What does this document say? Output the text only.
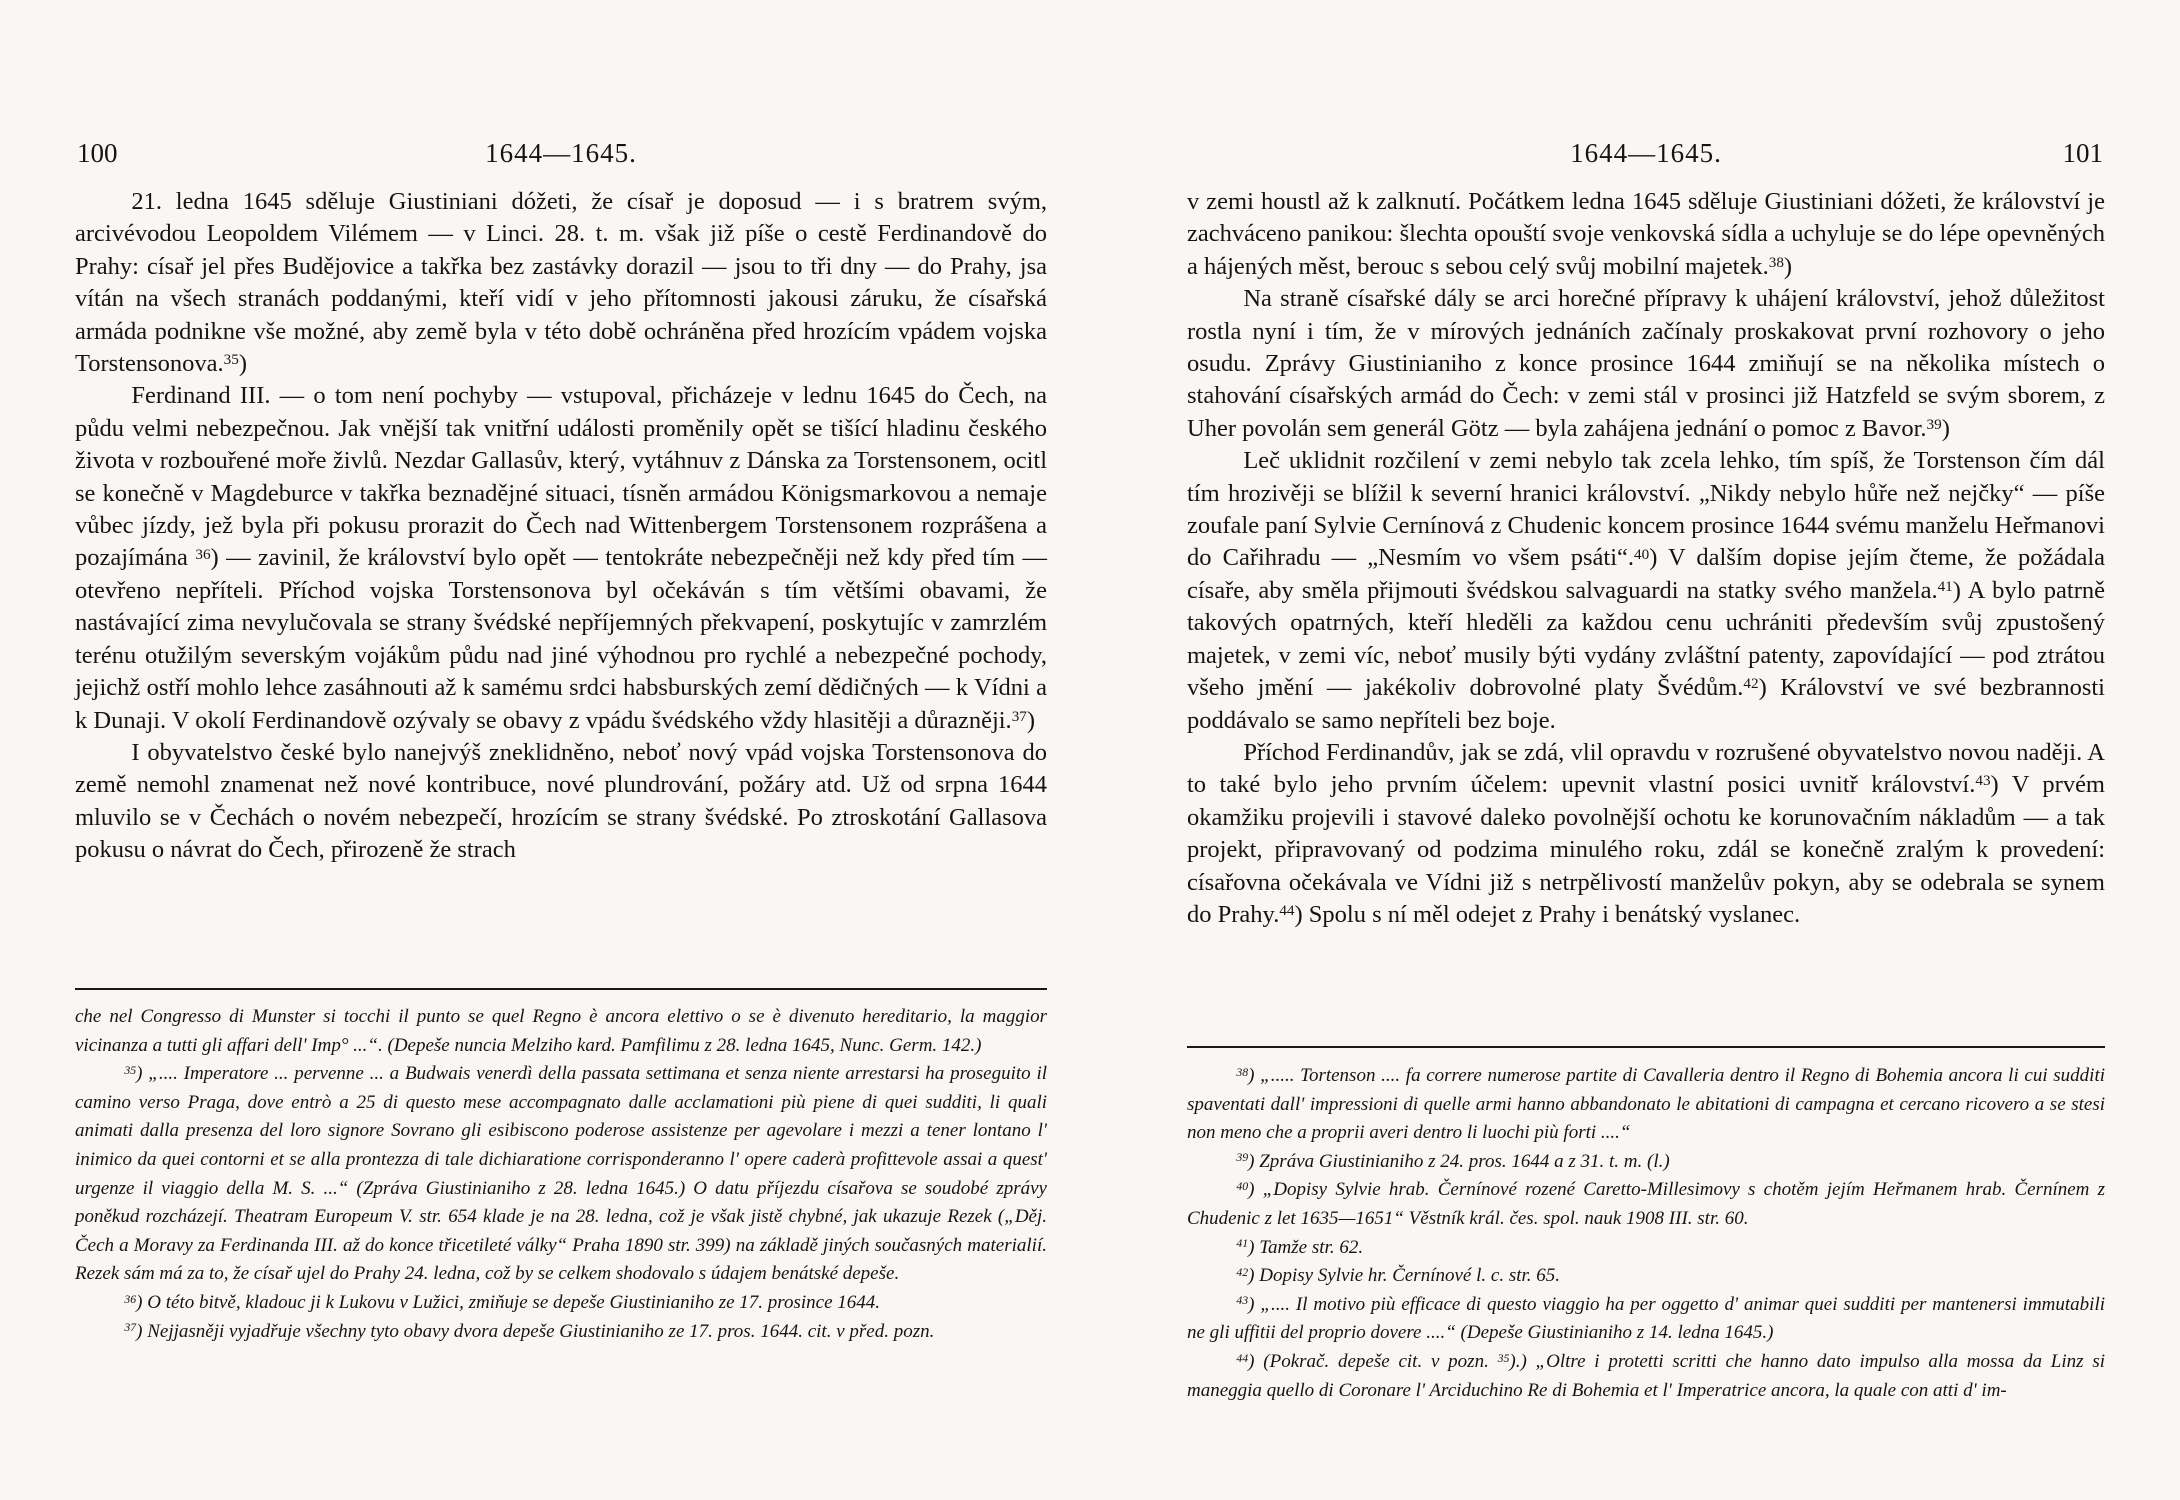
100	1644—1645.

21. ledna 1645 sděluje Giustiniani dóžeti, že císař je doposud — i s bratrem svým, arcivévodou Leopoldem Vilémem — v Linci. 28. t. m. však již píše o cestě Ferdinandově do Prahy: císař jel přes Budějovice a takřka bez zastávky dorazil — jsou to tři dny — do Prahy, jsa vítán na všech stranách poddanými, kteří vidí v jeho přítomnosti jakousi záruku, že císařská armáda podnikne vše možné, aby země byla v této době ochráněna před hrozícím vpádem vojska Torstensonova.$^{35}$)

Ferdinand III. — o tom není pochyby — vstupoval, přicházeje v lednu 1645 do Čech, na půdu velmi nebezpečnou. Jak vnější tak vnitřní události proměnily opět se tišící hladinu českého života v rozbouřené moře živlů. Nezdar Gallasův, který, vytáhnuv z Dánska za Torstensonem, ocitl se konečně v Magdeburce v takřka beznadějné situaci, tísněn armádou Königsmarkovou a nemaje vůbec jízdy, jež byla při pokusu prorazit do Čech nad Wittenbergem Torstensonem rozprášena a pozajímána $^{36}$) — zavinil, že království bylo opět — tentokráte nebezpečněji než kdy před tím — otevřeno nepříteli. Příchod vojska Torstensonova byl očekáván s tím většími obavami, že nastávající zima nevylučovala se strany švédské nepříjemných překvapení, poskytujíc v zamrzlém terénu otužilým severským vojákům půdu nad jiné výhodnou pro rychlé a nebezpečné pochody, jejichž ostří mohlo lehce zasáhnouti až k samému srdci habsburských zemí dědičných — k Vídni a k Dunaji. V okolí Ferdinandově ozývaly se obavy z vpádu švédského vždy hlasitěji a důrazněji.$^{37}$)

I obyvatelstvo české bylo nanejvýš zneklidněno, neboť nový vpád vojska Torstensonova do země nemohl znamenat než nové kontribuce, nové plundrování, požáry atd. Už od srpna 1644 mluvilo se v Čechách o novém nebezpečí, hrozícím se strany švédské. Po ztroskotání Gallasova pokusu o návrat do Čech, přirozeně že strach

che nel Congresso di Munster si tocchi il punto se quel Regno è ancora elettivo o se è divenuto hereditario, la maggior vicinanza a tutti gli affari dell' Imp° ...“. (Depeše nuncia Melziho kard. Pamfilimu z 28. ledna 1645, Nunc. Germ. 142.)

$^{35}$) „.... Imperatore ... pervenne ... a Budwais venerdì della passata settimana et senza niente arrestarsi ha proseguito il camino verso Praga, dove entrò a 25 di questo mese accompagnato dalle acclamationi più piene di quei sudditi, li quali animati dalla presenza del loro signore Sovrano gli esibiscono poderose assistenze per agevolare i mezzi a tener lontano l' inimico da quei contorni et se alla prontezza di tale dichiaratione corrisponderanno l' opere caderà profittevole assai a quest' urgenze il viaggio della M. S. ...“ (Zpráva Giustinianiho z 28. ledna 1645.) O datu příjezdu císařova se soudobé zprávy poněkud rozcházejí. Theatram Europeum V. str. 654 klade je na 28. ledna, což je však jistě chybné, jak ukazuje Rezek („Děj. Čech a Moravy za Ferdinanda III. až do konce třicetileté války“ Praha 1890 str. 399) na základě jiných současných materialií. Rezek sám má za to, že císař ujel do Prahy 24. ledna, což by se celkem shodovalo s údajem benátské depeše.

$^{36}$) O této bitvě, kladouc ji k Lukovu v Lužici, zmiňuje se depeše Giustinianiho ze 17. prosince 1644.

$^{37}$) Nejjasněji vyjadřuje všechny tyto obavy dvora depeše Giustinianiho ze 17. pros. 1644. cit. v před. pozn.

1644—1645.	101

v zemi houstl až k zalknutí. Počátkem ledna 1645 sděluje Giustiniani dóžeti, že království je zachváceno panikou: šlechta opouští svoje venkovská sídla a uchyluje se do lépe opevněných a hájených měst, berouc s sebou celý svůj mobilní majetek.$^{38}$)

Na straně císařské dály se arci horečné přípravy k uhájení království, jehož důležitost rostla nyní i tím, že v mírových jednáních začínaly proskakovat první rozhovory o jeho osudu. Zprávy Giustinianiho z konce prosince 1644 zmiňují se na několika místech o stahování císařských armád do Čech: v zemi stál v prosinci již Hatzfeld se svým sborem, z Uher povolán sem generál Götz — byla zahájena jednání o pomoc z Bavor.$^{39}$)

Leč uklidnit rozčilení v zemi nebylo tak zcela lehko, tím spíš, že Torstenson čím dál tím hrozivěji se blížil k severní hranici království. „Nikdy nebylo hůře než nejčky“ — píše zoufale paní Sylvie Cernínová z Chudenic koncem prosince 1644 svému manželu Heřmanovi do Cařihradu — „Nesmím vo všem psáti“.$^{40}$) V dalším dopise jejím čteme, že požádala císaře, aby směla přijmouti švédskou salvaguardi na statky svého manžela.$^{41}$) A bylo patrně takových opatrných, kteří hleděli za každou cenu uchrániti především svůj zpustošený majetek, v zemi víc, neboť musily býti vydány zvláštní patenty, zapovídající — pod ztrátou všeho jmění — jakékoliv dobrovolné platy Švédům.$^{42}$) Království ve své bezbrannosti poddávalo se samo nepříteli bez boje.

Příchod Ferdinandův, jak se zdá, vlil opravdu v rozrušené obyvatelstvo novou naději. A to také bylo jeho prvním účelem: upevnit vlastní posici uvnitř království.$^{43}$) V prvém okamžiku projevili i stavové daleko povolnější ochotu ke korunovačním nákladům — a tak projekt, připravovaný od podzima minulého roku, zdál se konečně zralým k provedení: císařovna očekávala ve Vídni již s netrpělivostí manželův pokyn, aby se odebrala se synem do Prahy.$^{44}$) Spolu s ní měl odejet z Prahy i benátský vyslanec.

$^{38}$) „..... Tortenson .... fa correre numerose partite di Cavalleria dentro il Regno di Bohemia ancora li cui sudditi spaventati dall' impressioni di quelle armi hanno abbandonato le abitationi di campagna et cercano ricovero a se stesi non meno che a proprii averi dentro li luochi più forti ....“

$^{39}$) Zpráva Giustinianiho z 24. pros. 1644 a z 31. t. m. (l.)

$^{40}$) „Dopisy Sylvie hrab. Černínové rozené Caretto-Millesimovy s chotěm jejím Heřmanem hrab. Černínem z Chudenic z let 1635—1651“ Věstník král. čes. spol. nauk 1908 III. str. 60.

$^{41}$) Tamže str. 62.

$^{42}$) Dopisy Sylvie hr. Černínové l. c. str. 65.

$^{43}$) „.... Il motivo più efficace di questo viaggio ha per oggetto d' animar quei sudditi per mantenersi immutabili ne gli uffitii del proprio dovere ....“ (Depeše Giustinianiho z 14. ledna 1645.)

$^{44}$) (Pokrač. depeše cit. v pozn. $^{35}$).) „Oltre i protetti scritti che hanno dato impulso alla mossa da Linz si maneggia quello di Coronare l' Arciduchino Re di Bohemia et l' Imperatrice ancora, la quale con atti d' im-
